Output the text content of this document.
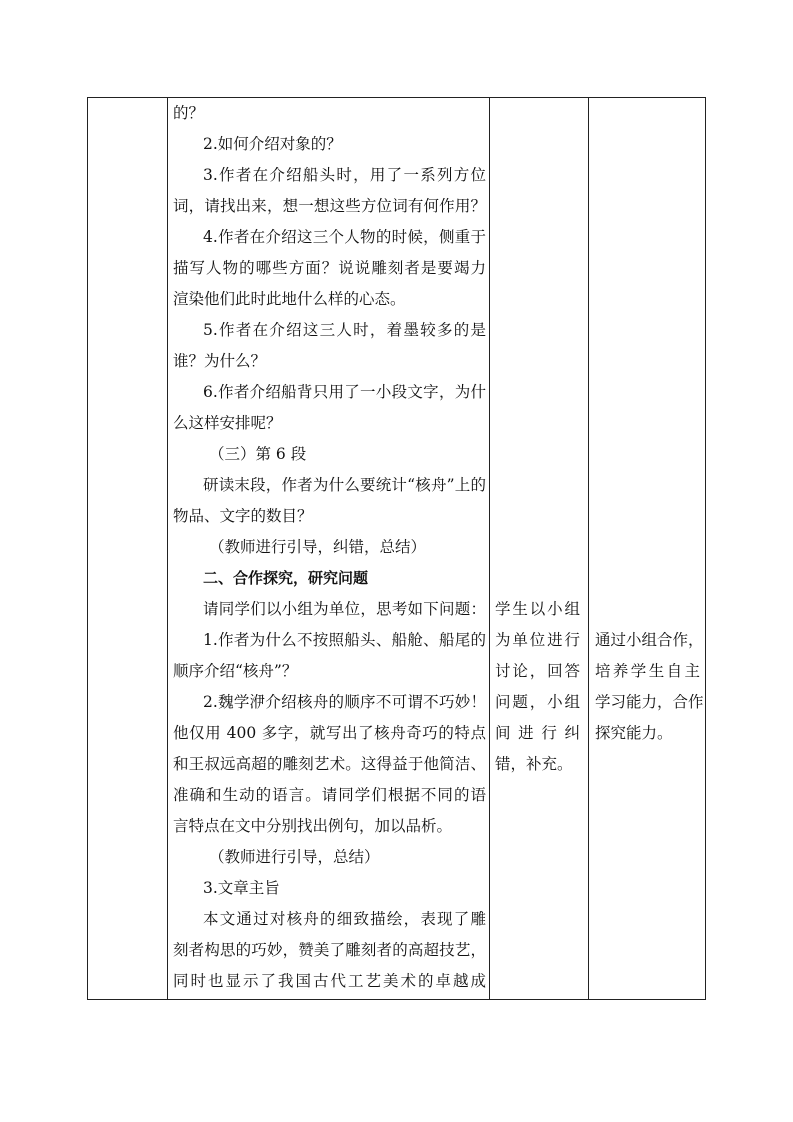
的？
2.如何介绍对象的？
3.作者在介绍船头时，用了一系列方位
词，请找出来，想一想这些方位词有何作用？
4.作者在介绍这三个人物的时候，侧重于
描写人物的哪些方面？说说雕刻者是要竭力
渲染他们此时此地什么样的心态。
5.作者在介绍这三人时，着墨较多的是
谁？为什么？
6.作者介绍船背只用了一小段文字，为什
么这样安排呢？
（三）第 6 段
研读末段，作者为什么要统计“核舟”上的
物品、文字的数目？
（教师进行引导，纠错，总结）
二、合作探究，研究问题
请同学们以小组为单位，思考如下问题：
1.作者为什么不按照船头、船舱、船尾的
顺序介绍“核舟”？
2.魏学洢介绍核舟的顺序不可谓不巧妙！
他仅用 400 多字，就写出了核舟奇巧的特点
和王叔远高超的雕刻艺术。这得益于他简洁、
准确和生动的语言。请同学们根据不同的语
言特点在文中分别找出例句，加以品析。
（教师进行引导，总结）
3.文章主旨
本文通过对核舟的细致描绘，表现了雕
刻者构思的巧妙，赞美了雕刻者的高超技艺，
同时也显示了我国古代工艺美术的卓越成
学生以小组
为单位进行
讨论，回答
问题，小组
间 进 行 纠
错，补充。
通过小组合作，
培养学生自主
学习能力，合作
探究能力。
